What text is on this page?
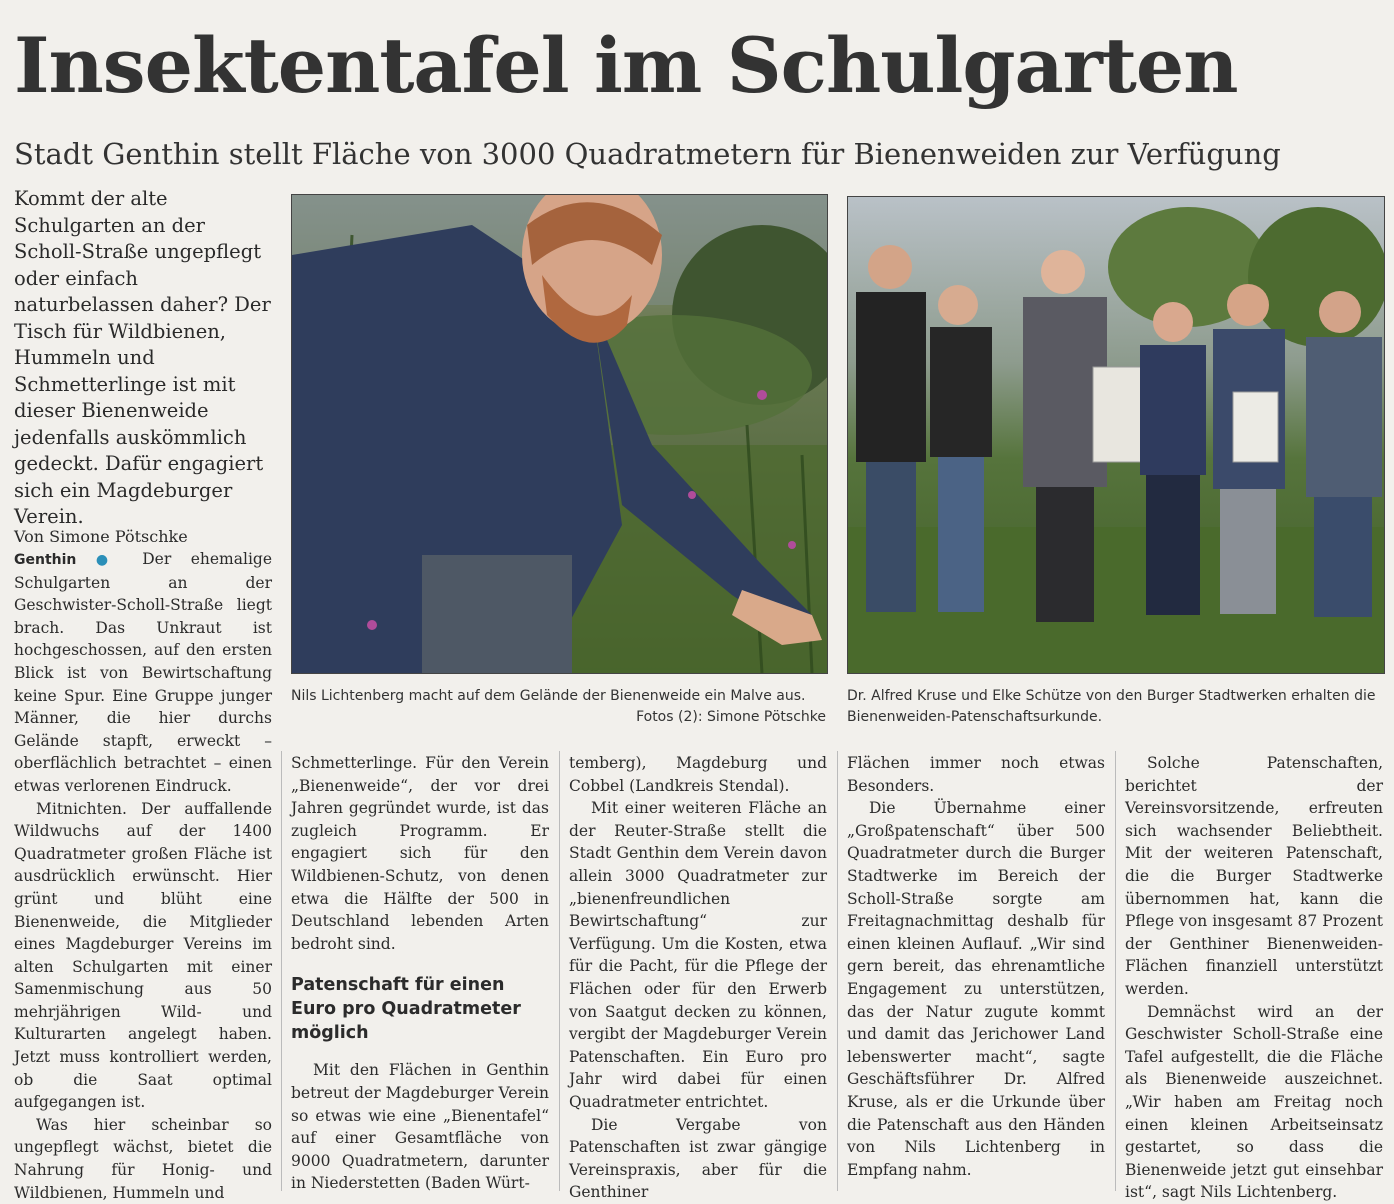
Insektentafel im Schulgarten
Stadt Genthin stellt Fläche von 3000 Quadratmetern für Bienenweiden zur Verfügung
Kommt der alte Schulgarten an der Scholl-Straße ungepflegt oder einfach naturbelassen daher? Der Tisch für Wildbienen, Hummeln und Schmetterlinge ist mit dieser Bienenweide jedenfalls auskömmlich gedeckt. Dafür engagiert sich ein Magdeburger Verein.
Nils Lichtenberg macht auf dem Gelände der Bienenweide ein Malve aus.
Fotos (2): Simone Pötschke
Dr. Alfred Kruse und Elke Schütze von den Burger Stadtwerken erhalten die Bienenweiden-Patenschaftsurkunde.

Von Simone Pötschke

Genthin ● Der ehemalige Schulgarten an der Geschwister-Scholl-Straße liegt brach. Das Unkraut ist hochgeschossen, auf den ersten Blick ist von Bewirtschaftung keine Spur. Eine Gruppe junger Männer, die hier durchs Gelände stapft, erweckt – oberflächlich betrachtet – einen etwas verlorenen Eindruck.

Mitnichten. Der auffallende Wildwuchs auf der 1400 Quadratmeter großen Fläche ist ausdrücklich erwünscht. Hier grünt und blüht eine Bienenweide, die Mitglieder eines Magdeburger Vereins im alten Schulgarten mit einer Samenmischung aus 50 mehrjährigen Wild- und Kulturarten angelegt haben. Jetzt muss kontrolliert werden, ob die Saat optimal aufgegangen ist.

Was hier scheinbar so ungepflegt wächst, bietet die Nahrung für Honig- und Wildbienen, Hummeln und

Schmetterlinge. Für den Verein „Bienenweide“, der vor drei Jahren gegründet wurde, ist das zugleich Programm. Er engagiert sich für den Wildbienen-Schutz, von denen etwa die Hälfte der 500 in Deutschland lebenden Arten bedroht sind.

Patenschaft für einen Euro pro Quadratmeter möglich

Mit den Flächen in Genthin betreut der Magdeburger Verein so etwas wie eine „Bienentafel“ auf einer Gesamtfläche von 9000 Quadratmetern, darunter in Niederstetten (Baden Würt-

temberg), Magdeburg und Cobbel (Landkreis Stendal).

Mit einer weiteren Fläche an der Reuter-Straße stellt die Stadt Genthin dem Verein davon allein 3000 Quadratmeter zur „bienenfreundlichen Bewirtschaftung“ zur Verfügung. Um die Kosten, etwa für die Pacht, für die Pflege der Flächen oder für den Erwerb von Saatgut decken zu können, vergibt der Magdeburger Verein Patenschaften. Ein Euro pro Jahr wird dabei für einen Quadratmeter entrichtet.

Die Vergabe von Patenschaften ist zwar gängige Vereinspraxis, aber für die Genthiner

Flächen immer noch etwas Besonders.

Die Übernahme einer „Großpatenschaft“ über 500 Quadratmeter durch die Burger Stadtwerke im Bereich der Scholl-Straße sorgte am Freitagnachmittag deshalb für einen kleinen Auflauf. „Wir sind gern bereit, das ehrenamtliche Engagement zu unterstützen, das der Natur zugute kommt und damit das Jerichower Land lebenswerter macht“, sagte Geschäftsführer Dr. Alfred Kruse, als er die Urkunde über die Patenschaft aus den Händen von Nils Lichtenberg in Empfang nahm.

Solche Patenschaften, berichtet der Vereinsvorsitzende, erfreuten sich wachsender Beliebtheit. Mit der weiteren Patenschaft, die die Burger Stadtwerke übernommen hat, kann die Pflege von insgesamt 87 Prozent der Genthiner Bienenweiden-Flächen finanziell unterstützt werden.

Demnächst wird an der Geschwister Scholl-Straße eine Tafel aufgestellt, die die Fläche als Bienenweide auszeichnet. „Wir haben am Freitag noch einen kleinen Arbeitseinsatz gestartet, so dass die Bienenweide jetzt gut einsehbar ist“, sagt Nils Lichtenberg.
